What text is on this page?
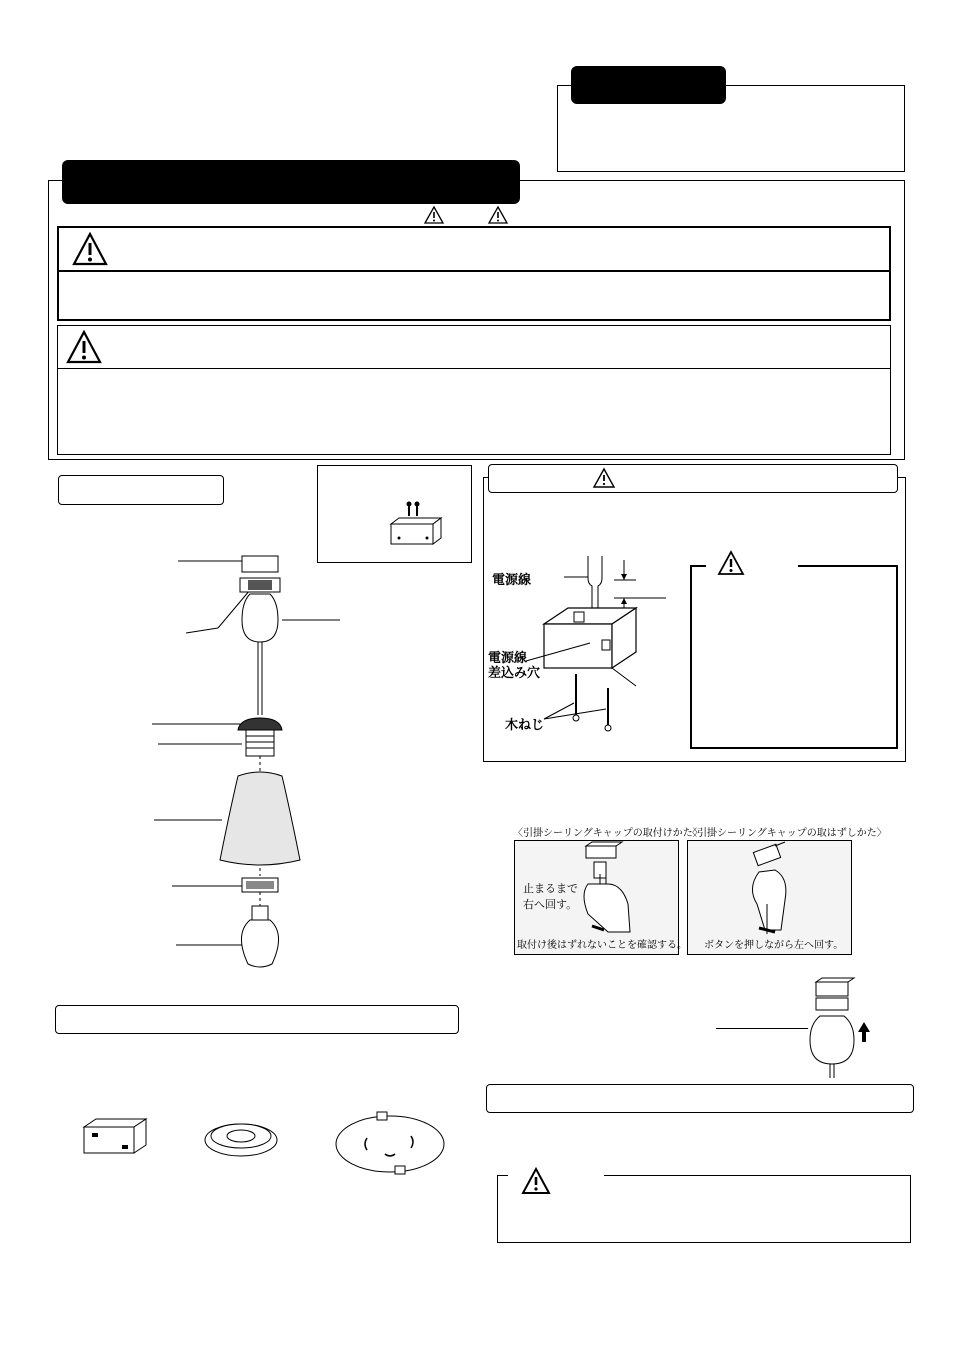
電源線
電源線
差込み穴
木ねじ
〈引掛シーリングキャップの取付けかた〉
〈引掛シーリングキャップの取はずしかた〉
止まるまで
右へ回す。
取付け後はずれないことを確認する。 ボタンを押しながら左へ回す。
